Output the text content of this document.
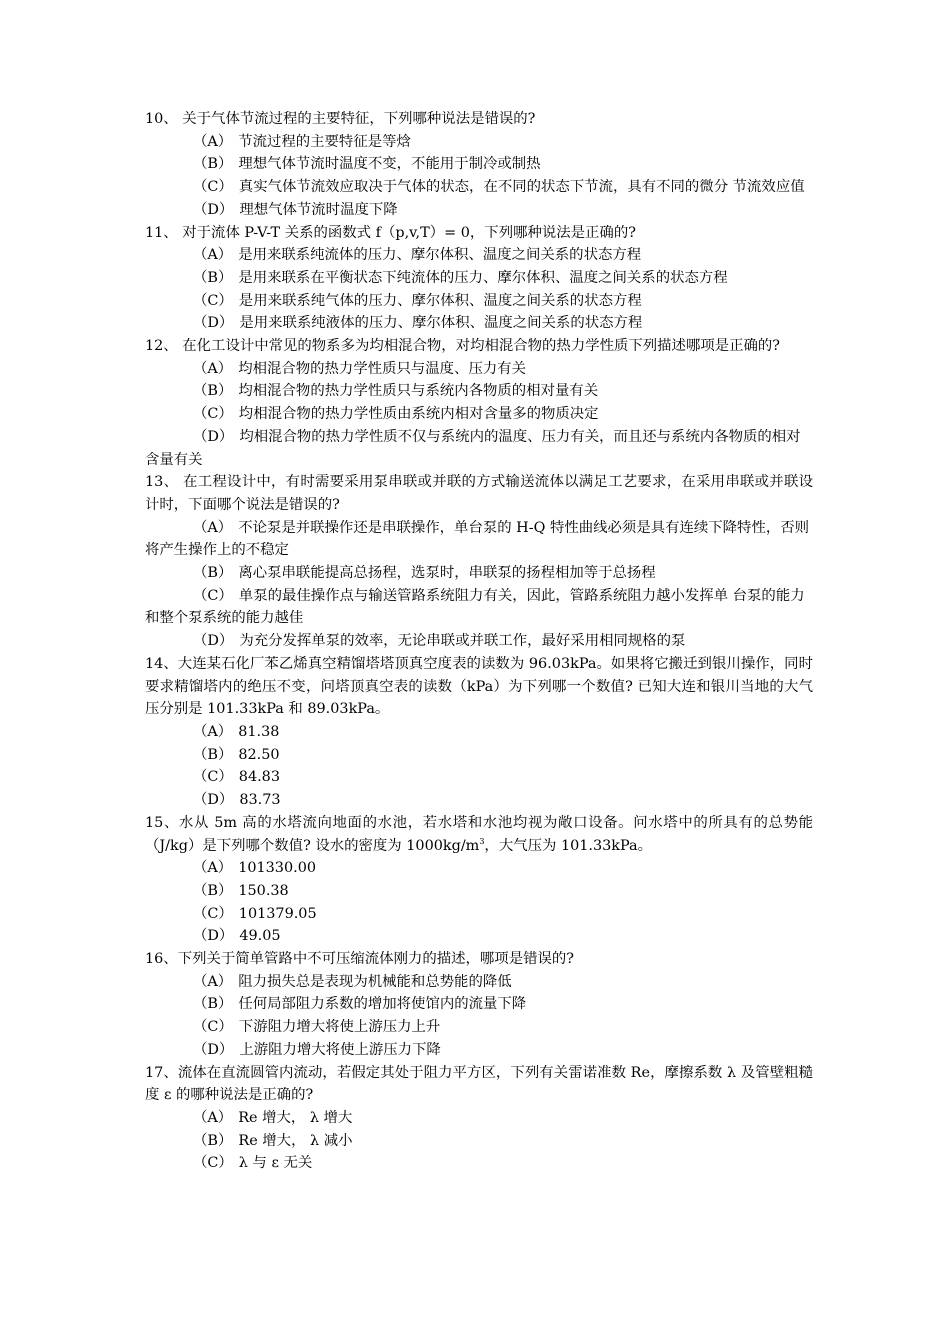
10、 关于气体节流过程的主要特征，下列哪种说法是错误的?

（A） 节流过程的主要特征是等焓

（B） 理想气体节流时温度不变，不能用于制冷或制热

（C） 真实气体节流效应取决于气体的状态，在不同的状态下节流，具有不同的微分 节流效应值

（D） 理想气体节流时温度下降

11、 对于流体 P-V-T 关系的函数式 f（p,v,T）= 0，下列哪种说法是正确的?

（A） 是用来联系纯流体的压力、摩尔体积、温度之间关系的状态方程

（B） 是用来联系在平衡状态下纯流体的压力、摩尔体积、温度之间关系的状态方程

（C） 是用来联系纯气体的压力、摩尔体积、温度之间关系的状态方程

（D） 是用来联系纯液体的压力、摩尔体积、温度之间关系的状态方程

12、 在化工设计中常见的物系多为均相混合物，对均相混合物的热力学性质下列描述哪项是正确的?

（A） 均相混合物的热力学性质只与温度、压力有关

（B） 均相混合物的热力学性质只与系统内各物质的相对量有关

（C） 均相混合物的热力学性质由系统内相对含量多的物质决定

（D） 均相混合物的热力学性质不仅与系统内的温度、压力有关，而且还与系统内各物质的相对含量有关

13、 在工程设计中，有时需要采用泵串联或并联的方式输送流体以满足工艺要求，在采用串联或并联设计时，下面哪个说法是错误的?

（A） 不论泵是并联操作还是串联操作，单台泵的 H-Q 特性曲线必须是具有连续下降特性，否则将产生操作上的不稳定

（B） 离心泵串联能提高总扬程，选泵时，串联泵的扬程相加等于总扬程

（C） 单泵的最佳操作点与输送管路系统阻力有关，因此，管路系统阻力越小发挥单 台泵的能力和整个泵系统的能力越佳

（D） 为充分发挥单泵的效率，无论串联或并联工作，最好采用相同规格的泵

14、大连某石化厂苯乙烯真空精馏塔塔顶真空度表的读数为 96.03kPa。如果将它搬迁到银川操作，同时要求精馏塔内的绝压不变，问塔顶真空表的读数（kPa）为下列哪一个数值? 已知大连和银川当地的大气压分别是 101.33kPa 和 89.03kPa。

（A） 81.38

（B） 82.50

（C） 84.83

（D） 83.73

15、水从 5m 高的水塔流向地面的水池，若水塔和水池均视为敞口设备。问水塔中的所具有的总势能（J/kg）是下列哪个数值? 设水的密度为 $1000kg/m^3$，大气压为 101.33kPa。

（A） 101330.00

（B） 150.38

（C） 101379.05

（D） 49.05

16、下列关于简单管路中不可压缩流体刚力的描述，哪项是错误的?

（A） 阻力损失总是表现为机械能和总势能的降低

（B） 任何局部阻力系数的增加将使馆内的流量下降

（C） 下游阻力增大将使上游压力上升

（D） 上游阻力增大将使上游压力下降

17、流体在直流圆管内流动，若假定其处于阻力平方区，下列有关雷诺准数 Re，摩擦系数 λ 及管壁粗糙度 ε 的哪种说法是正确的?

（A） Re 增大， λ 增大

（B） Re 增大， λ 减小

（C） λ 与 ε 无关
